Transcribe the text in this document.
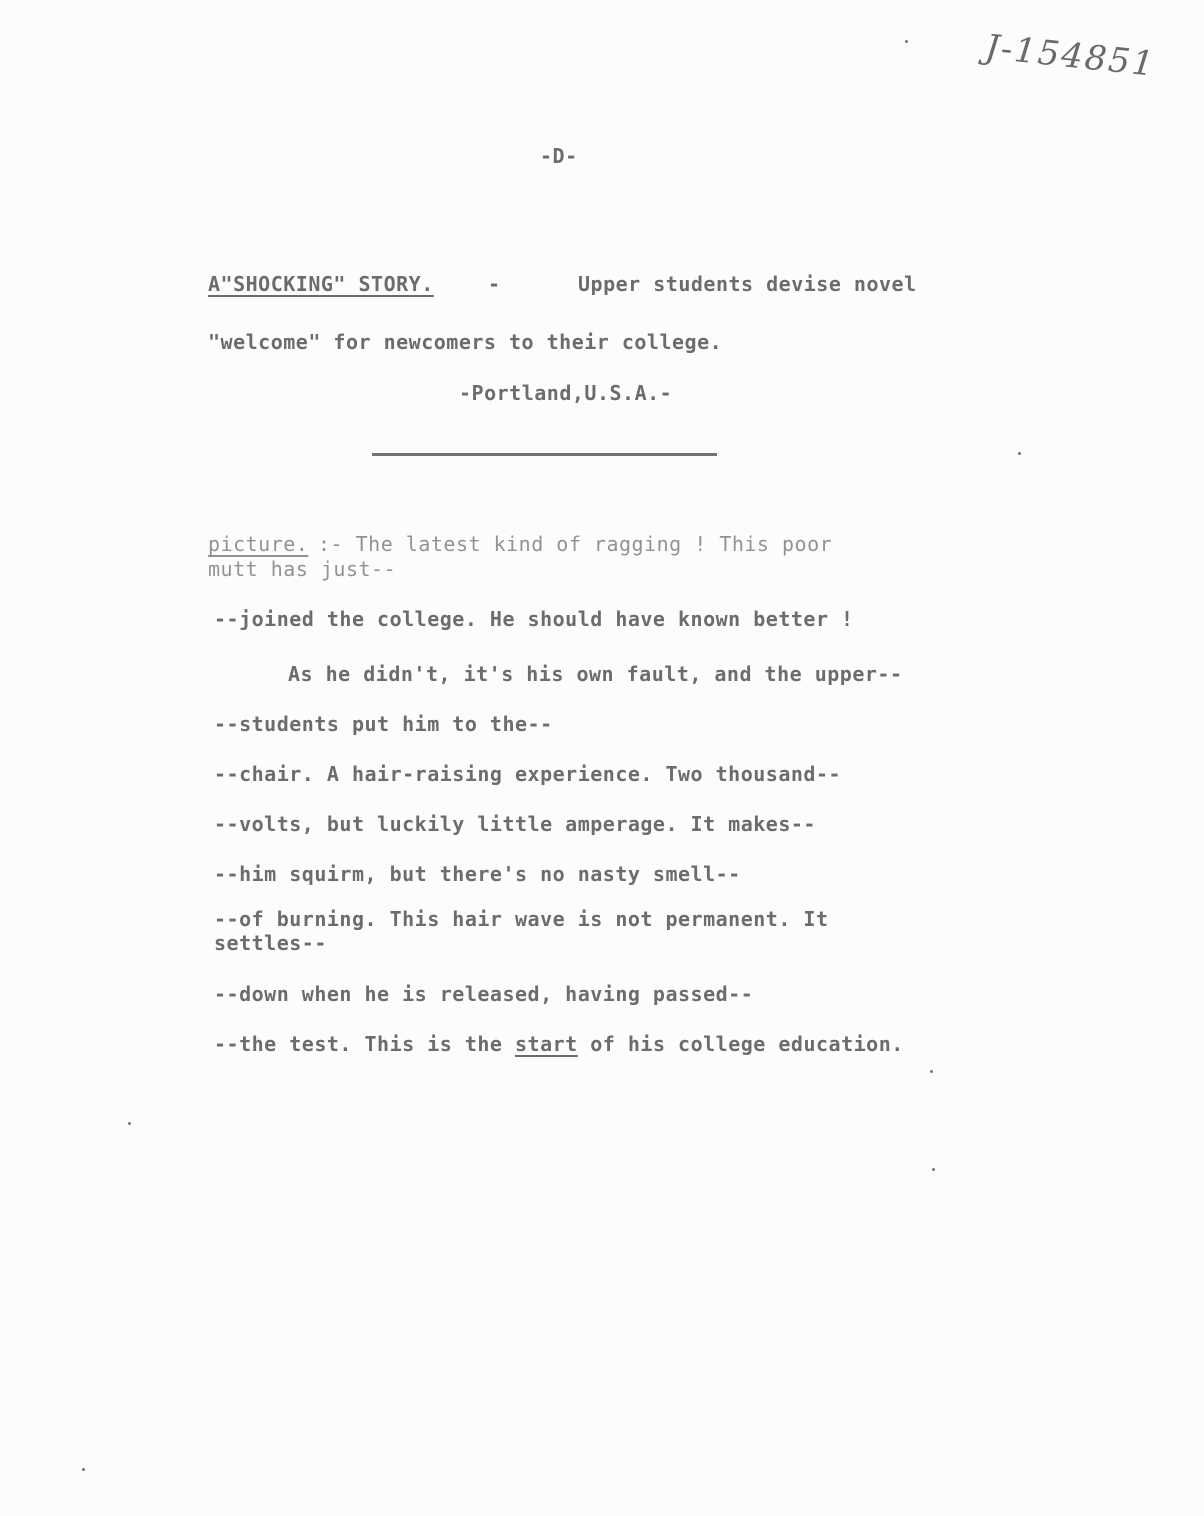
J-154851
-D-
A"SHOCKING" STORY.	-	Upper students devise novel
"welcome" for newcomers to their college.
-Portland,U.S.A.-
picture. :- The latest kind of ragging ! This poor
mutt has just--
--joined the college. He should have known better !
As he didn't, it's his own fault, and the upper--
--students put him to the--
--chair. A hair-raising experience. Two thousand--
--volts, but luckily little amperage. It makes--
--him squirm, but there's no nasty smell--
--of burning. This hair wave is not permanent. It
settles--
--down when he is released, having passed--
--the test. This is the start of his college education.
